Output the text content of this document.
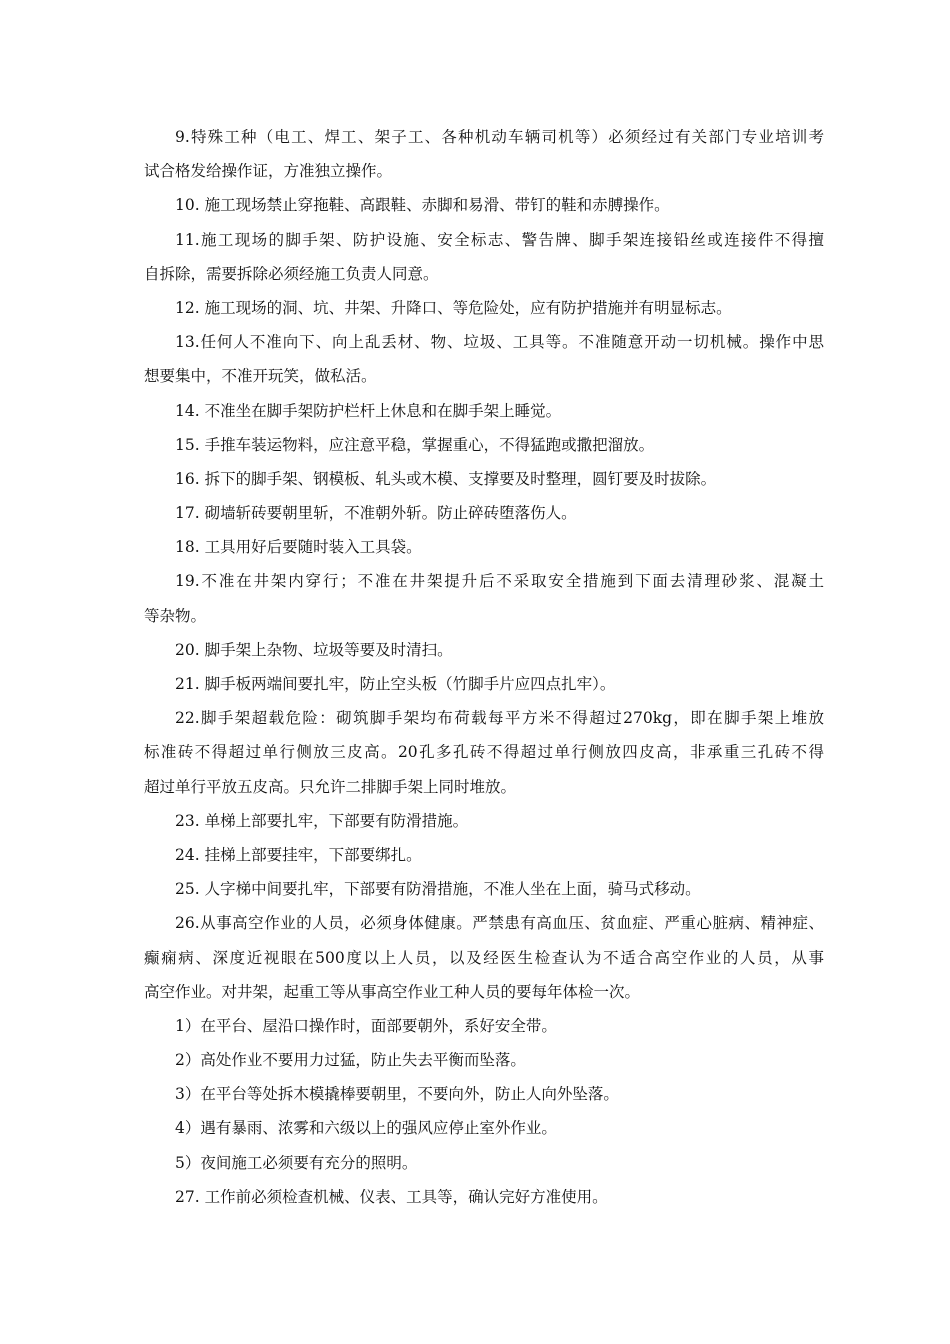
9.特殊工种（电工、焊工、架子工、各种机动车辆司机等）必须经过有关部门专业培训考
试合格发给操作证，方准独立操作。
10. 施工现场禁止穿拖鞋、高跟鞋、赤脚和易滑、带钉的鞋和赤膊操作。
11.施工现场的脚手架、防护设施、安全标志、警告牌、脚手架连接铅丝或连接件不得擅
自拆除，需要拆除必须经施工负责人同意。
12. 施工现场的洞、坑、井架、升降口、等危险处，应有防护措施并有明显标志。
13.任何人不准向下、向上乱丢材、物、垃圾、工具等。不准随意开动一切机械。操作中思
想要集中，不准开玩笑，做私活。
14. 不准坐在脚手架防护栏杆上休息和在脚手架上睡觉。
15. 手推车装运物料，应注意平稳，掌握重心，不得猛跑或撒把溜放。
16. 拆下的脚手架、钢模板、轧头或木模、支撑要及时整理，圆钉要及时拔除。
17. 砌墙斩砖要朝里斩，不准朝外斩。防止碎砖堕落伤人。
18. 工具用好后要随时装入工具袋。
19.不准在井架内穿行；不准在井架提升后不采取安全措施到下面去清理砂浆、混凝土
等杂物。
20. 脚手架上杂物、垃圾等要及时清扫。
21. 脚手板两端间要扎牢，防止空头板（竹脚手片应四点扎牢）。
22.脚手架超载危险：砌筑脚手架均布荷载每平方米不得超过270kg，即在脚手架上堆放
标准砖不得超过单行侧放三皮高。20孔多孔砖不得超过单行侧放四皮高，非承重三孔砖不得
超过单行平放五皮高。只允许二排脚手架上同时堆放。
23. 单梯上部要扎牢，下部要有防滑措施。
24. 挂梯上部要挂牢，下部要绑扎。
25. 人字梯中间要扎牢，下部要有防滑措施，不准人坐在上面，骑马式移动。
26.从事高空作业的人员，必须身体健康。严禁患有高血压、贫血症、严重心脏病、精神症、
癫痫病、深度近视眼在500度以上人员，以及经医生检查认为不适合高空作业的人员，从事
高空作业。对井架，起重工等从事高空作业工种人员的要每年体检一次。
1）在平台、屋沿口操作时，面部要朝外，系好安全带。
2）高处作业不要用力过猛，防止失去平衡而坠落。
3）在平台等处拆木模撬棒要朝里，不要向外，防止人向外坠落。
4）遇有暴雨、浓雾和六级以上的强风应停止室外作业。
5）夜间施工必须要有充分的照明。
27. 工作前必须检查机械、仪表、工具等，确认完好方准使用。
